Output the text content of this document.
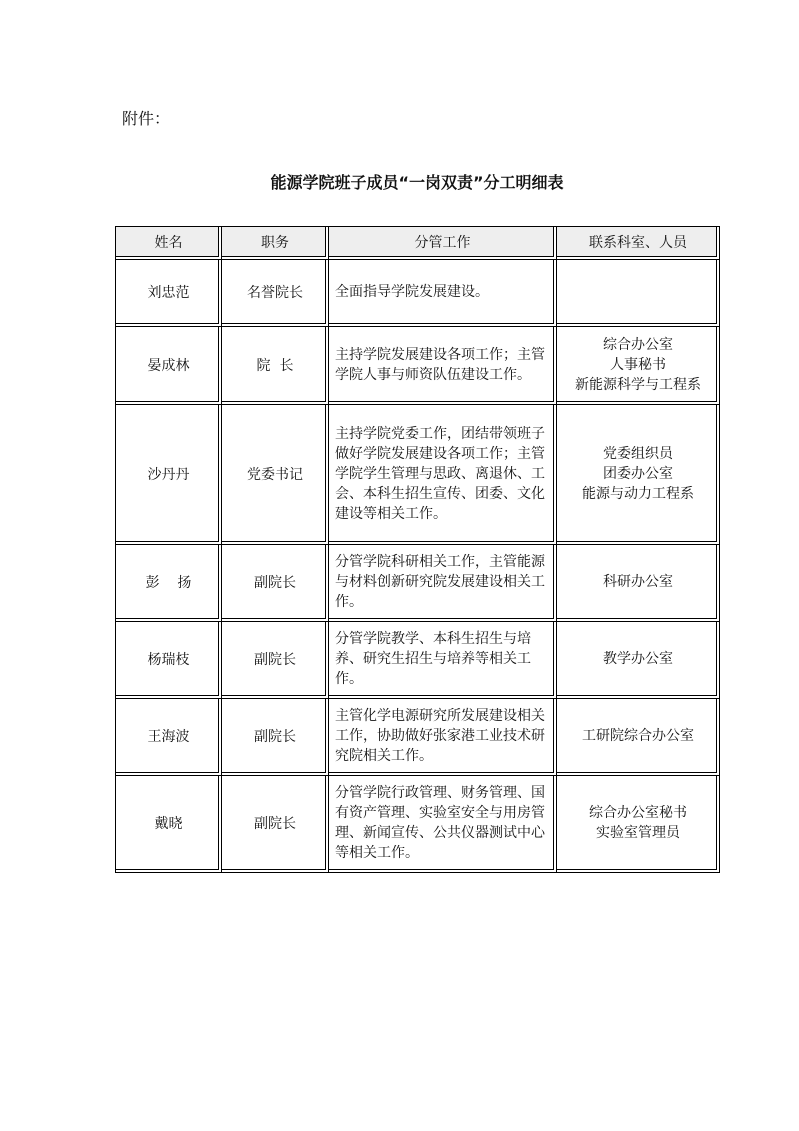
附件：
能源学院班子成员“一岗双责”分工明细表
姓名	职务	分管工作	联系科室、人员
刘忠范	名誉院长	全面指导学院发展建设。	
晏成林	院  长	主持学院发展建设各项工作；主管学院人事与师资队伍建设工作。	综合办公室
人事秘书
新能源科学与工程系

沙丹丹	党委书记	主持学院党委工作，团结带领班子做好学院发展建设各项工作；主管学院学生管理与思政、离退休、工会、本科生招生宣传、团委、文化建设等相关工作。	党委组织员
团委办公室
能源与动力工程系

彭    扬	副院长	分管学院科研相关工作，主管能源与材料创新研究院发展建设相关工作。	科研办公室

杨瑞枝	副院长	分管学院教学、本科生招生与培养、研究生招生与培养等相关工作。	教学办公室

王海波	副院长	主管化学电源研究所发展建设相关工作，协助做好张家港工业技术研究院相关工作。	工研院综合办公室

戴晓	副院长	分管学院行政管理、财务管理、国有资产管理、实验室安全与用房管理、新闻宣传、公共仪器测试中心等相关工作。	综合办公室秘书
实验室管理员
